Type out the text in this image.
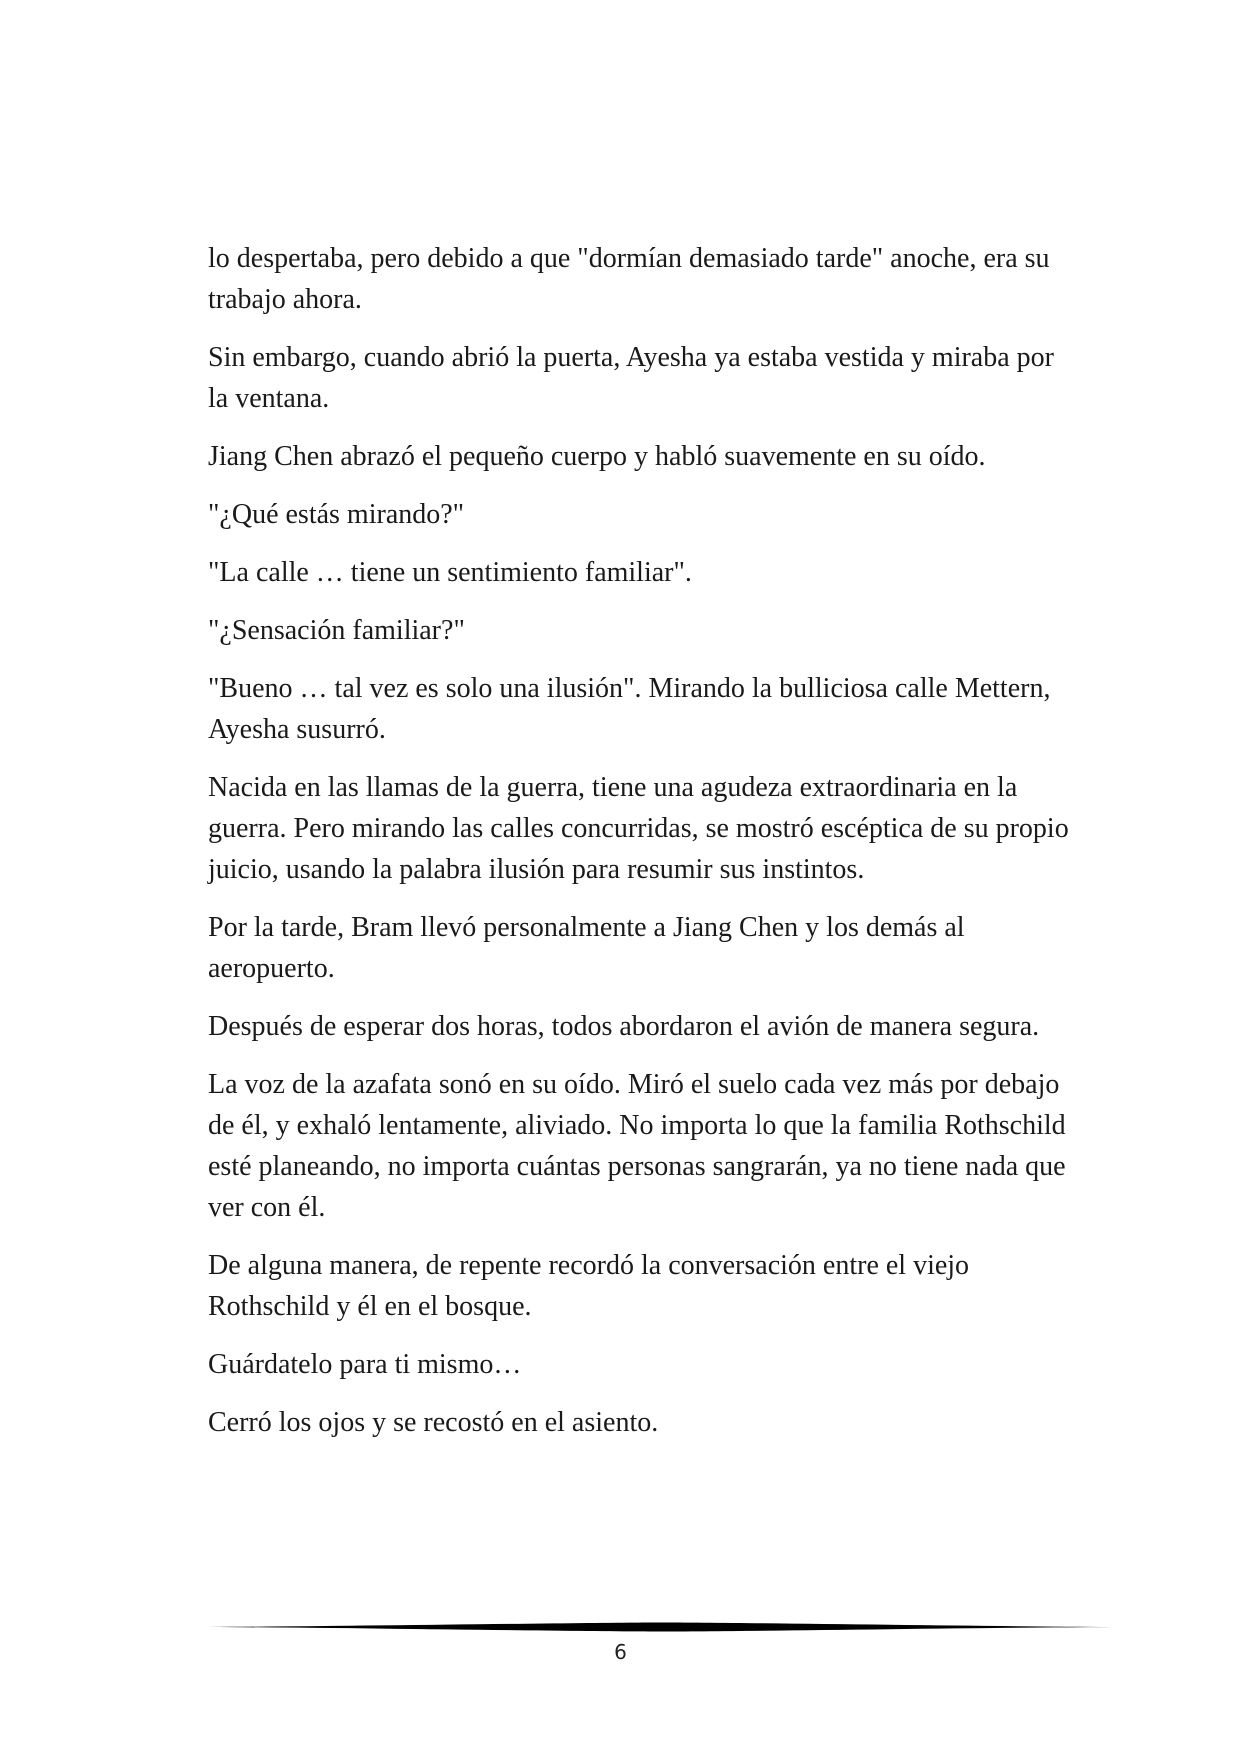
lo despertaba, pero debido a que "dormían demasiado tarde" anoche, era su trabajo ahora.

Sin embargo, cuando abrió la puerta, Ayesha ya estaba vestida y miraba por la ventana.

Jiang Chen abrazó el pequeño cuerpo y habló suavemente en su oído.

"¿Qué estás mirando?"

"La calle … tiene un sentimiento familiar".

"¿Sensación familiar?"

"Bueno … tal vez es solo una ilusión". Mirando la bulliciosa calle Mettern, Ayesha susurró.

Nacida en las llamas de la guerra, tiene una agudeza extraordinaria en la guerra. Pero mirando las calles concurridas, se mostró escéptica de su propio juicio, usando la palabra ilusión para resumir sus instintos.

Por la tarde, Bram llevó personalmente a Jiang Chen y los demás al aeropuerto.

Después de esperar dos horas, todos abordaron el avión de manera segura.

La voz de la azafata sonó en su oído. Miró el suelo cada vez más por debajo de él, y exhaló lentamente, aliviado. No importa lo que la familia Rothschild esté planeando, no importa cuántas personas sangrarán, ya no tiene nada que ver con él.

De alguna manera, de repente recordó la conversación entre el viejo Rothschild y él en el bosque.

Guárdatelo para ti mismo…

Cerró los ojos y se recostó en el asiento.

6
